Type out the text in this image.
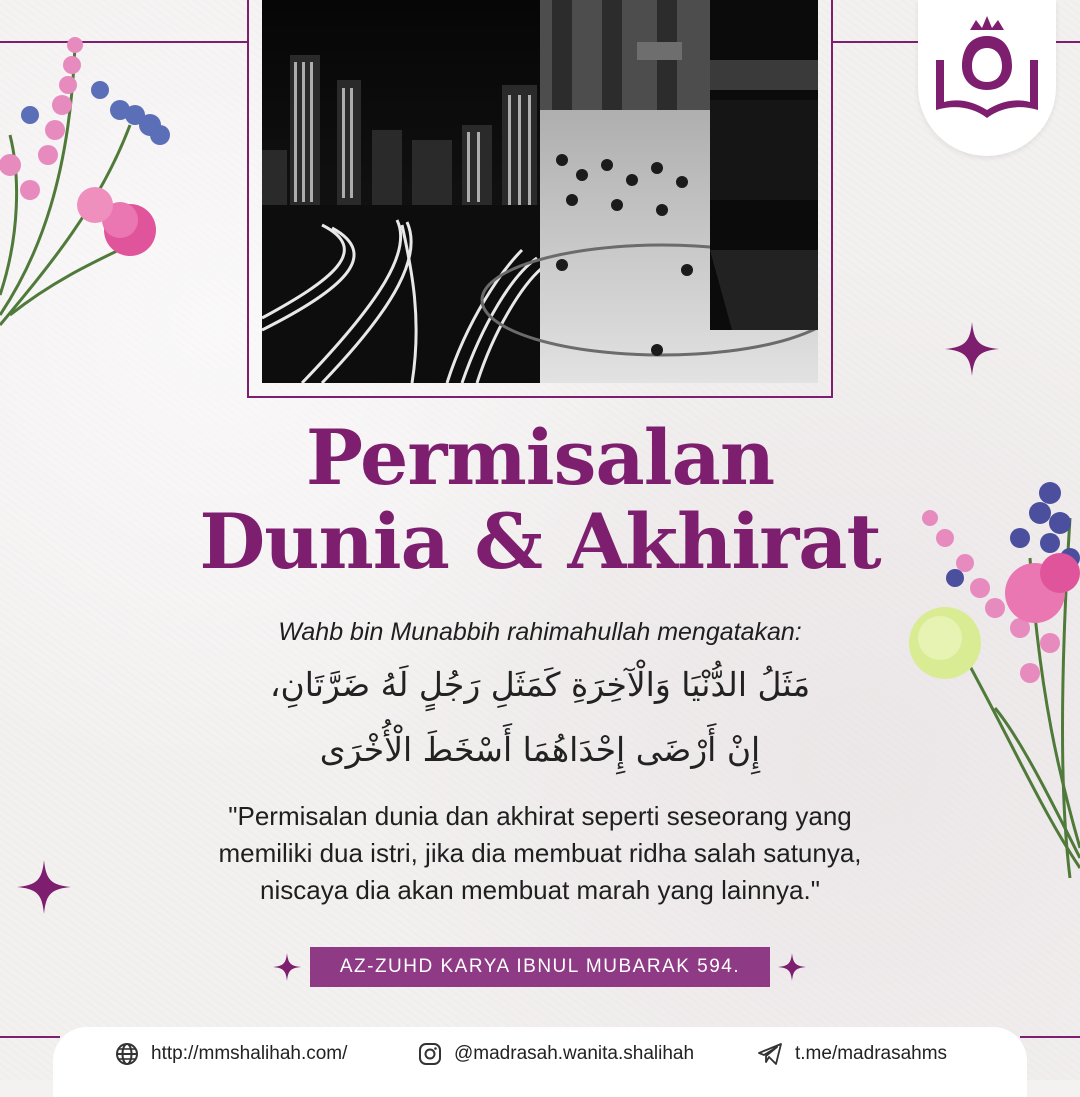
Permisalan
Dunia & Akhirat
Wahb bin Munabbih rahimahullah mengatakan:
مَثَلُ الدُّنْيَا وَالْآخِرَةِ كَمَثَلِ رَجُلٍ لَهُ ضَرَّتَانِ،
إِنْ أَرْضَى إِحْدَاهُمَا أَسْخَطَ الْأُخْرَى
"Permisalan dunia dan akhirat seperti seseorang yang
memiliki dua istri, jika dia membuat ridha salah satunya,
niscaya dia akan membuat marah yang lainnya."
AZ-ZUHD KARYA IBNUL MUBARAK 594.
http://mmshalihah.com/	@madrasah.wanita.shalihah	t.me/madrasahms
